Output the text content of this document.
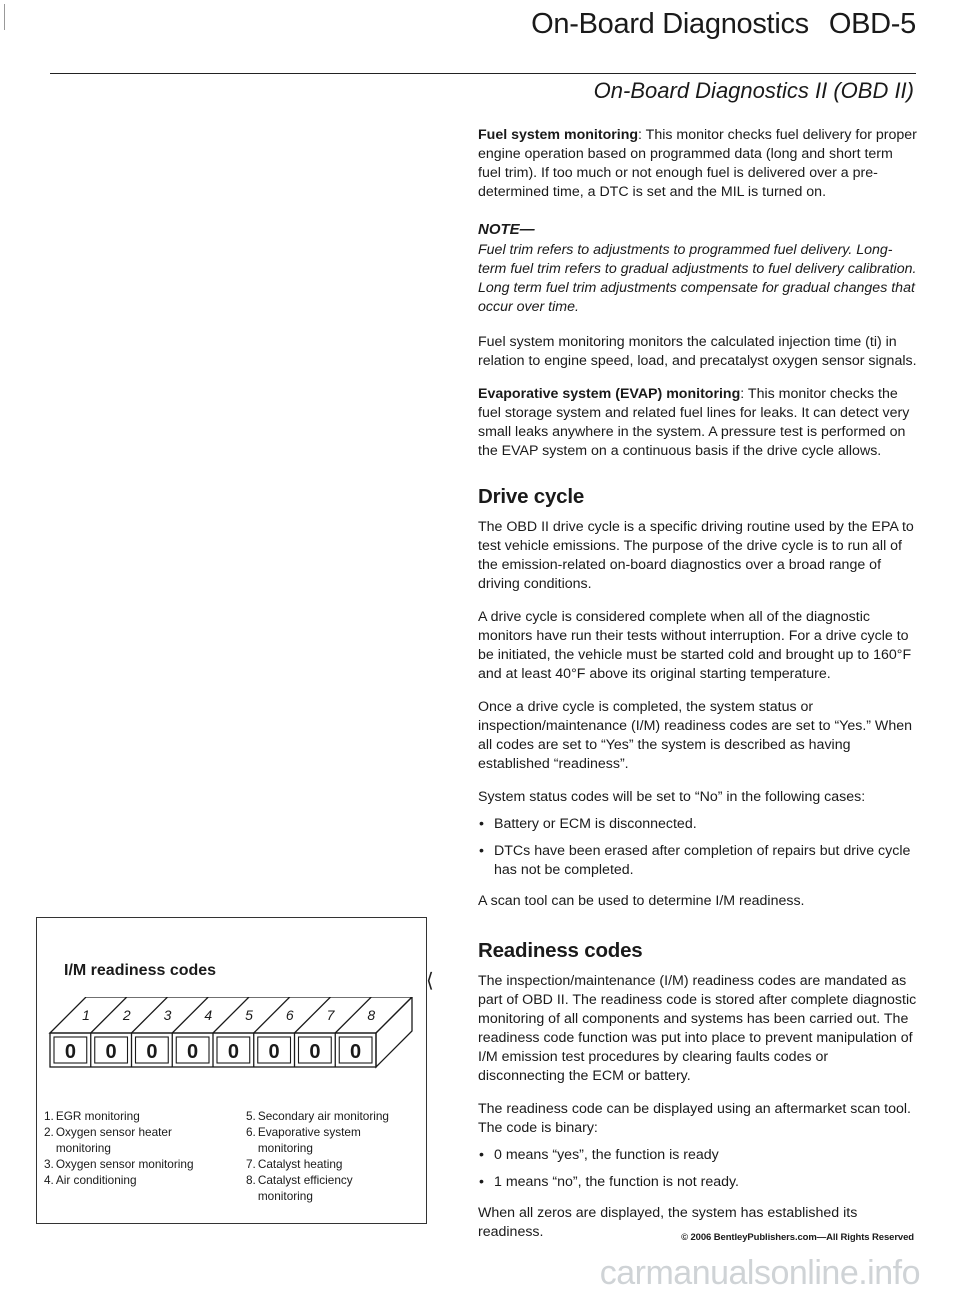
On-Board Diagnostics OBD-5
On-Board Diagnostics II (OBD II)

Fuel system monitoring: This monitor checks fuel delivery for proper engine operation based on programmed data (long and short term fuel trim). If too much or not enough fuel is delivered over a pre-determined time, a DTC is set and the MIL is turned on.

NOTE—

Fuel trim refers to adjustments to programmed fuel delivery. Long-term fuel trim refers to gradual adjustments to fuel delivery calibration. Long term fuel trim adjustments compensate for gradual changes that occur over time.

Fuel system monitoring monitors the calculated injection time (ti) in relation to engine speed, load, and precatalyst oxygen sensor signals.

Evaporative system (EVAP) monitoring: This monitor checks the fuel storage system and related fuel lines for leaks. It can detect very small leaks anywhere in the system. A pressure test is performed on the EVAP system on a continuous basis if the drive cycle allows.

Drive cycle

The OBD II drive cycle is a specific driving routine used by the EPA to test vehicle emissions. The purpose of the drive cycle is to run all of the emission-related on-board diagnostics over a broad range of driving conditions.

A drive cycle is considered complete when all of the diagnostic monitors have run their tests without interruption. For a drive cycle to be initiated, the vehicle must be started cold and brought up to 160°F and at least 40°F above its original starting temperature.

Once a drive cycle is completed, the system status or inspection/maintenance (I/M) readiness codes are set to “Yes.” When all codes are set to “Yes” the system is described as having established “readiness”.

System status codes will be set to “No” in the following cases:

• Battery or ECM is disconnected.
• DTCs have been erased after completion of repairs but drive cycle has not be completed.

A scan tool can be used to determine I/M readiness.

Readiness codes
⟨	The inspection/maintenance (I/M) readiness codes are mandated as part of OBD II. The readiness code is stored after complete diagnostic monitoring of all components and systems has been carried out. The readiness code function was put into place to prevent manipulation of I/M emission test procedures by clearing faults codes or disconnecting the ECM or battery.

The readiness code can be displayed using an aftermarket scan tool. The code is binary:

• 0 means “yes”, the function is ready
• 1 means “no”, the function is not ready.

When all zeros are displayed, the system has established its readiness.

I/M readiness codes
1 2 3 4 5 6 7 8
0 0 0 0 0 0 0 0
1. EGR monitoring
2. Oxygen sensor heater monitoring
3. Oxygen sensor monitoring
4. Air conditioning
5. Secondary air monitoring
6. Evaporative system monitoring
7. Catalyst heating
8. Catalyst efficiency monitoring
© 2006 BentleyPublishers.com—All Rights Reserved
carmanualsonline.info
